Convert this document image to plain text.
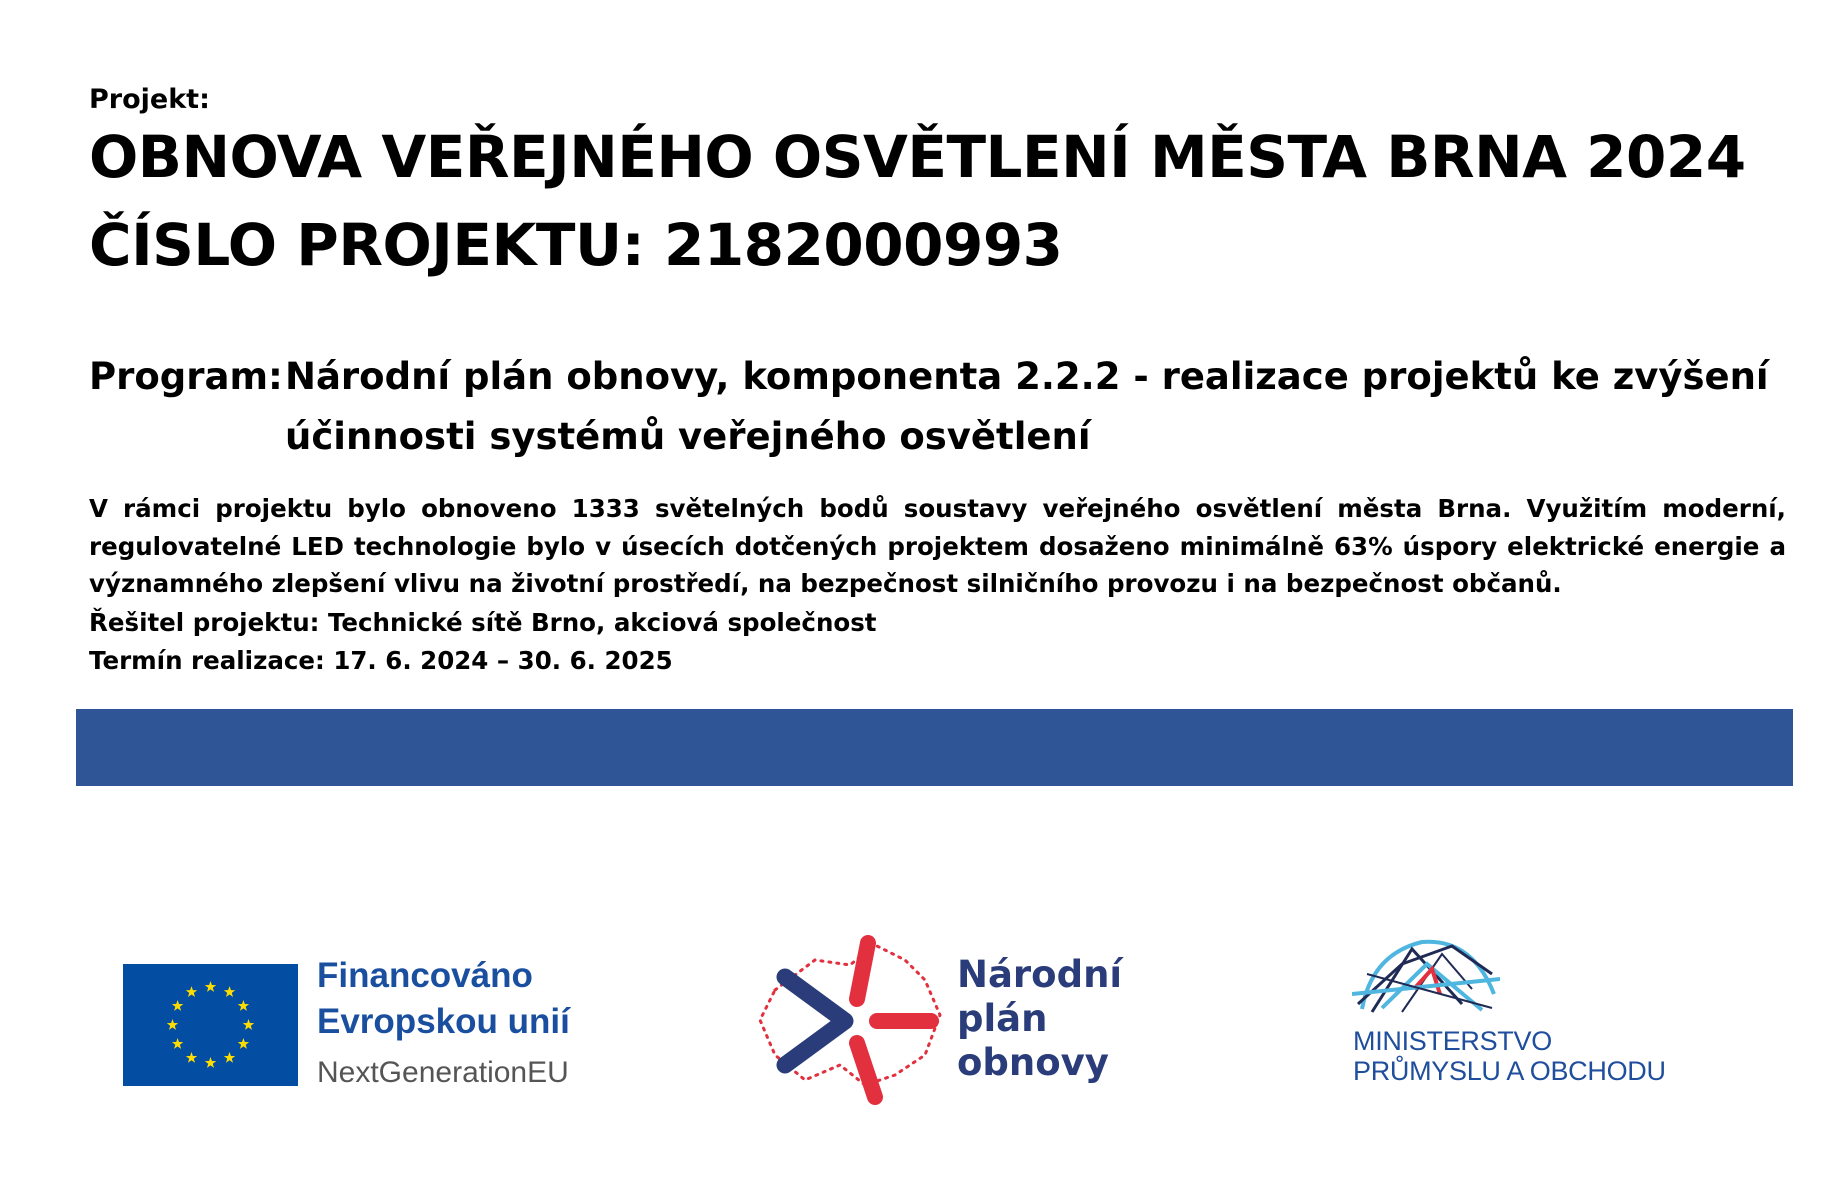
Projekt:
OBNOVA VEŘEJNÉHO OSVĚTLENÍ MĚSTA BRNA 2024
ČÍSLO PROJEKTU: 2182000993
Program:Národní plán obnovy, komponenta 2.2.2 - realizace projektů ke zvýšení
účinnosti systémů veřejného osvětlení

V rámci projektu bylo obnoveno 1333 světelných bodů soustavy veřejného osvětlení města Brna. Využitím moderní, regulovatelné LED technologie bylo v úsecích dotčených projektem dosaženo minimálně 63% úspory elektrické energie a významného zlepšení vlivu na životní prostředí, na bezpečnost silničního provozu i na bezpečnost občanů.

Řešitel projektu: Technické sítě Brno, akciová společnost
Termín realizace: 17. 6. 2024 – 30. 6. 2025
Financováno
Evropskou unií
NextGenerationEU
Národní
plán
obnovy	MINISTERSTVO
PRŮMYSLU A OBCHODU
